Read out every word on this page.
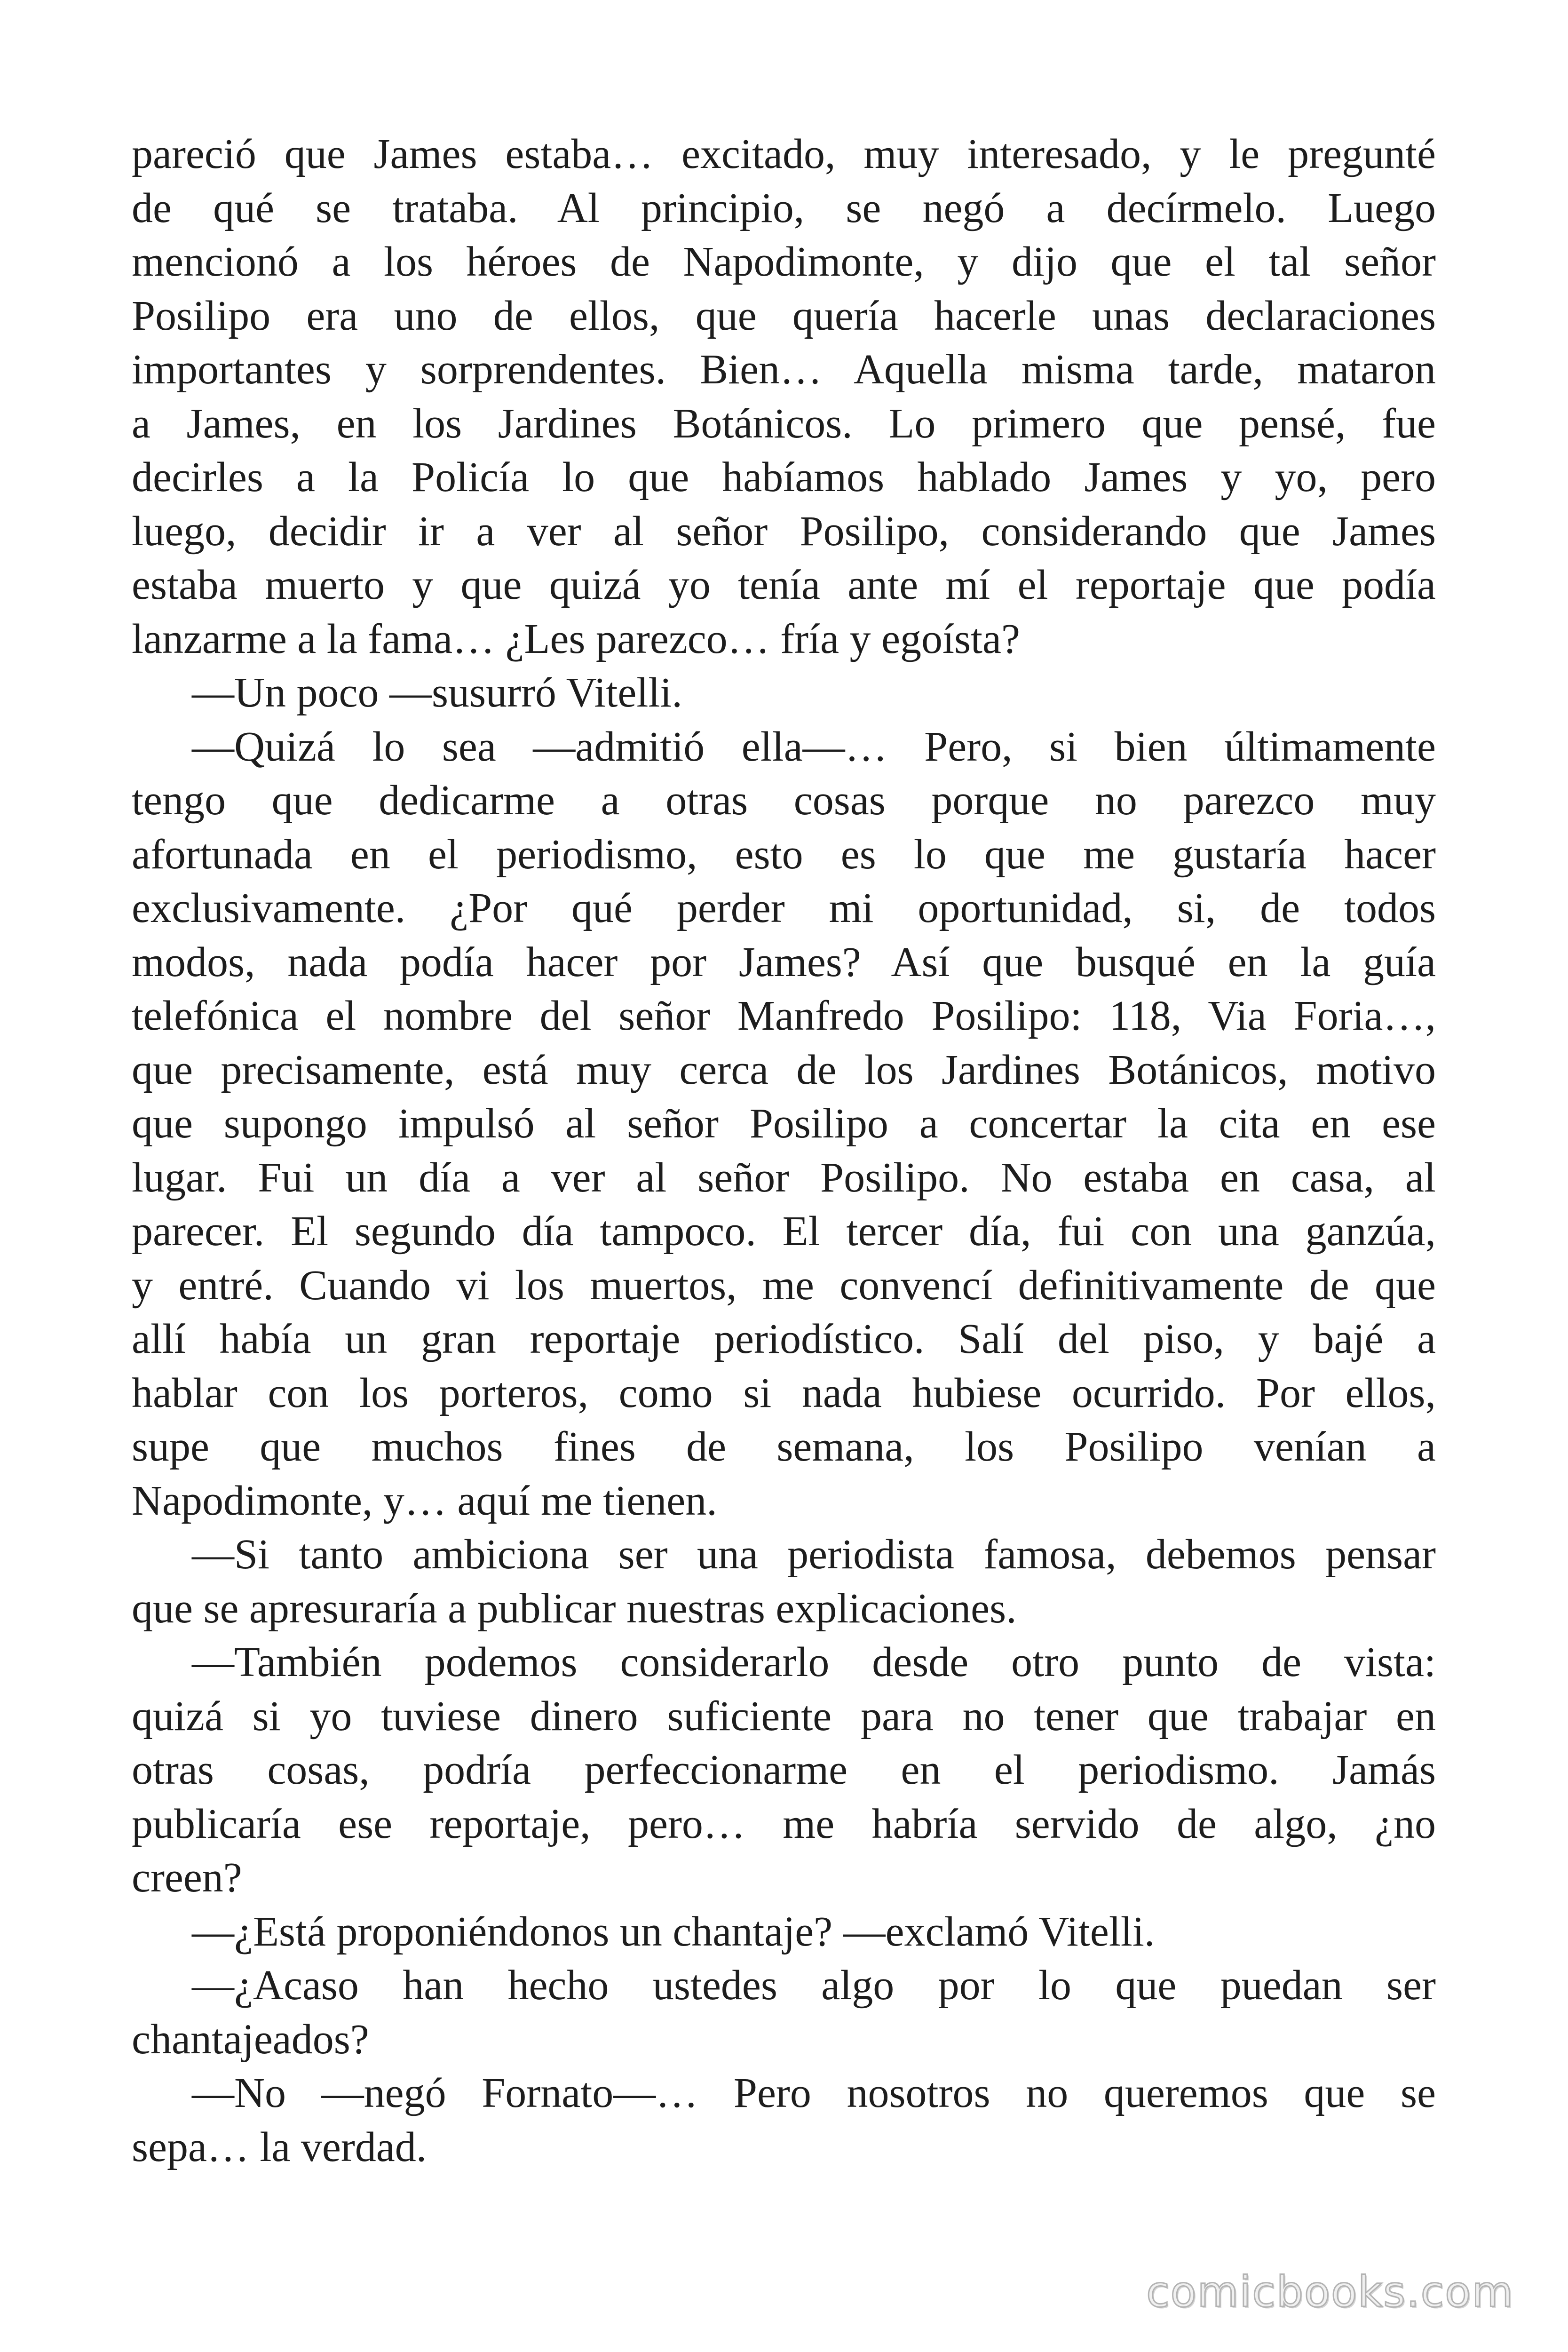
pareció que James estaba… excitado, muy interesado, y le pregunté
de qué se trataba. Al principio, se negó a decírmelo. Luego
mencionó a los héroes de Napodimonte, y dijo que el tal señor
Posilipo era uno de ellos, que quería hacerle unas declaraciones
importantes y sorprendentes. Bien… Aquella misma tarde, mataron
a James, en los Jardines Botánicos. Lo primero que pensé, fue
decirles a la Policía lo que habíamos hablado James y yo, pero
luego, decidir ir a ver al señor Posilipo, considerando que James
estaba muerto y que quizá yo tenía ante mí el reportaje que podía
lanzarme a la fama… ¿Les parezco… fría y egoísta?
—Un poco —susurró Vitelli.
—Quizá lo sea —admitió ella—… Pero, si bien últimamente
tengo que dedicarme a otras cosas porque no parezco muy
afortunada en el periodismo, esto es lo que me gustaría hacer
exclusivamente. ¿Por qué perder mi oportunidad, si, de todos
modos, nada podía hacer por James? Así que busqué en la guía
telefónica el nombre del señor Manfredo Posilipo: 118, Via Foria…,
que precisamente, está muy cerca de los Jardines Botánicos, motivo
que supongo impulsó al señor Posilipo a concertar la cita en ese
lugar. Fui un día a ver al señor Posilipo. No estaba en casa, al
parecer. El segundo día tampoco. El tercer día, fui con una ganzúa,
y entré. Cuando vi los muertos, me convencí definitivamente de que
allí había un gran reportaje periodístico. Salí del piso, y bajé a
hablar con los porteros, como si nada hubiese ocurrido. Por ellos,
supe que muchos fines de semana, los Posilipo venían a
Napodimonte, y… aquí me tienen.
—Si tanto ambiciona ser una periodista famosa, debemos pensar
que se apresuraría a publicar nuestras explicaciones.
—También podemos considerarlo desde otro punto de vista:
quizá si yo tuviese dinero suficiente para no tener que trabajar en
otras cosas, podría perfeccionarme en el periodismo. Jamás
publicaría ese reportaje, pero… me habría servido de algo, ¿no
creen?
—¿Está proponiéndonos un chantaje? —exclamó Vitelli.
—¿Acaso han hecho ustedes algo por lo que puedan ser
chantajeados?
—No —negó Fornato—… Pero nosotros no queremos que se
sepa… la verdad.
comicbooks.com
